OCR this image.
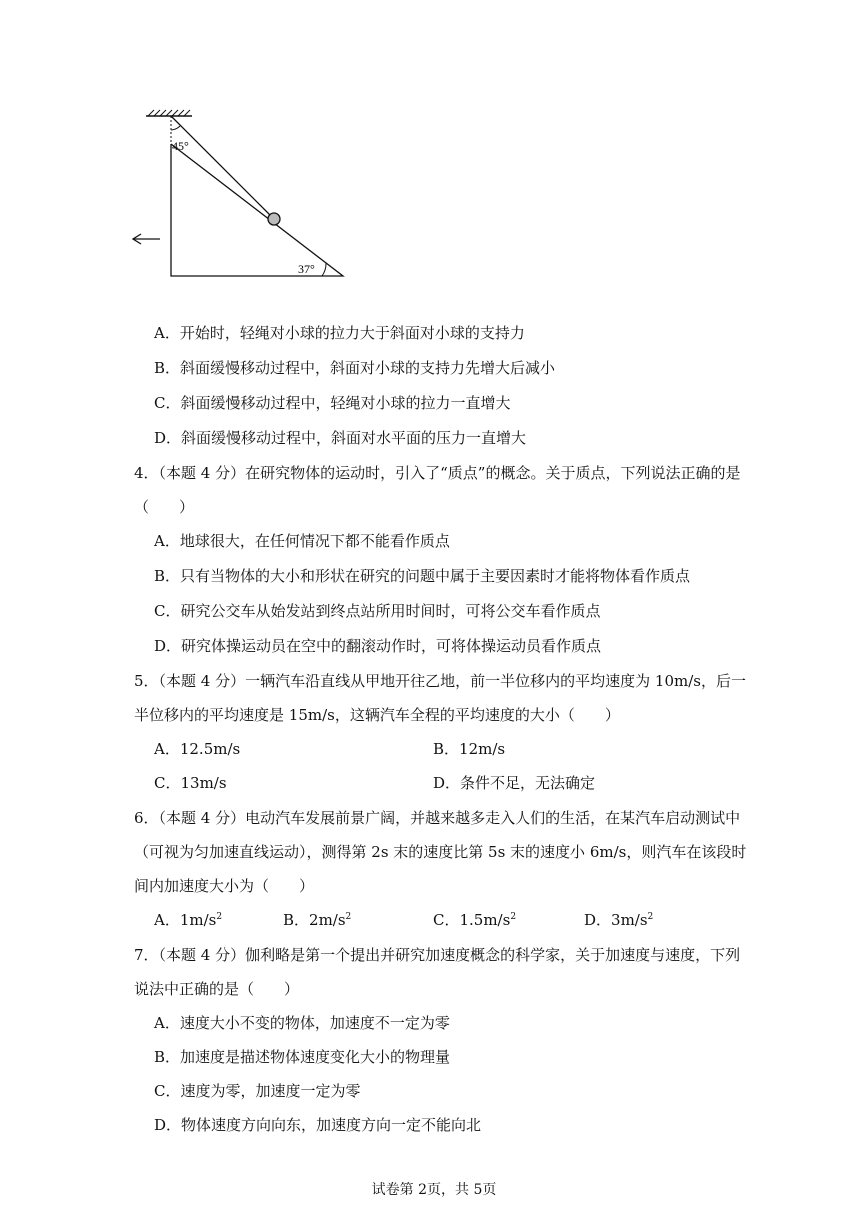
45°
37°
A．开始时，轻绳对小球的拉力大于斜面对小球的支持力
B．斜面缓慢移动过程中，斜面对小球的支持力先增大后减小
C．斜面缓慢移动过程中，轻绳对小球的拉力一直增大
D．斜面缓慢移动过程中，斜面对水平面的压力一直增大
4．（本题 4 分）在研究物体的运动时，引入了“质点”的概念。关于质点，下列说法正确的是
（　　）
A．地球很大，在任何情况下都不能看作质点
B．只有当物体的大小和形状在研究的问题中属于主要因素时才能将物体看作质点
C．研究公交车从始发站到终点站所用时间时，可将公交车看作质点
D．研究体操运动员在空中的翻滚动作时，可将体操运动员看作质点
5．（本题 4 分）一辆汽车沿直线从甲地开往乙地，前一半位移内的平均速度为 10m/s，后一
半位移内的平均速度是 15m/s，这辆汽车全程的平均速度的大小（　　）
A．12.5m/s	B．12m/s
C．13m/s	D．条件不足，无法确定
6．（本题 4 分）电动汽车发展前景广阔，并越来越多走入人们的生活，在某汽车启动测试中
（可视为匀加速直线运动），测得第 2s 末的速度比第 5s 末的速度小 6m/s，则汽车在该段时
间内加速度大小为（　　）
A．$1m/s^2$	B．$2m/s^2$	C．$1.5m/s^2$	D．$3m/s^2$
7．（本题 4 分）伽利略是第一个提出并研究加速度概念的科学家，关于加速度与速度，下列
说法中正确的是（　　）
A．速度大小不变的物体，加速度不一定为零
B．加速度是描述物体速度变化大小的物理量
C．速度为零，加速度一定为零
D．物体速度方向向东，加速度方向一定不能向北
试卷第 2页，共 5页
